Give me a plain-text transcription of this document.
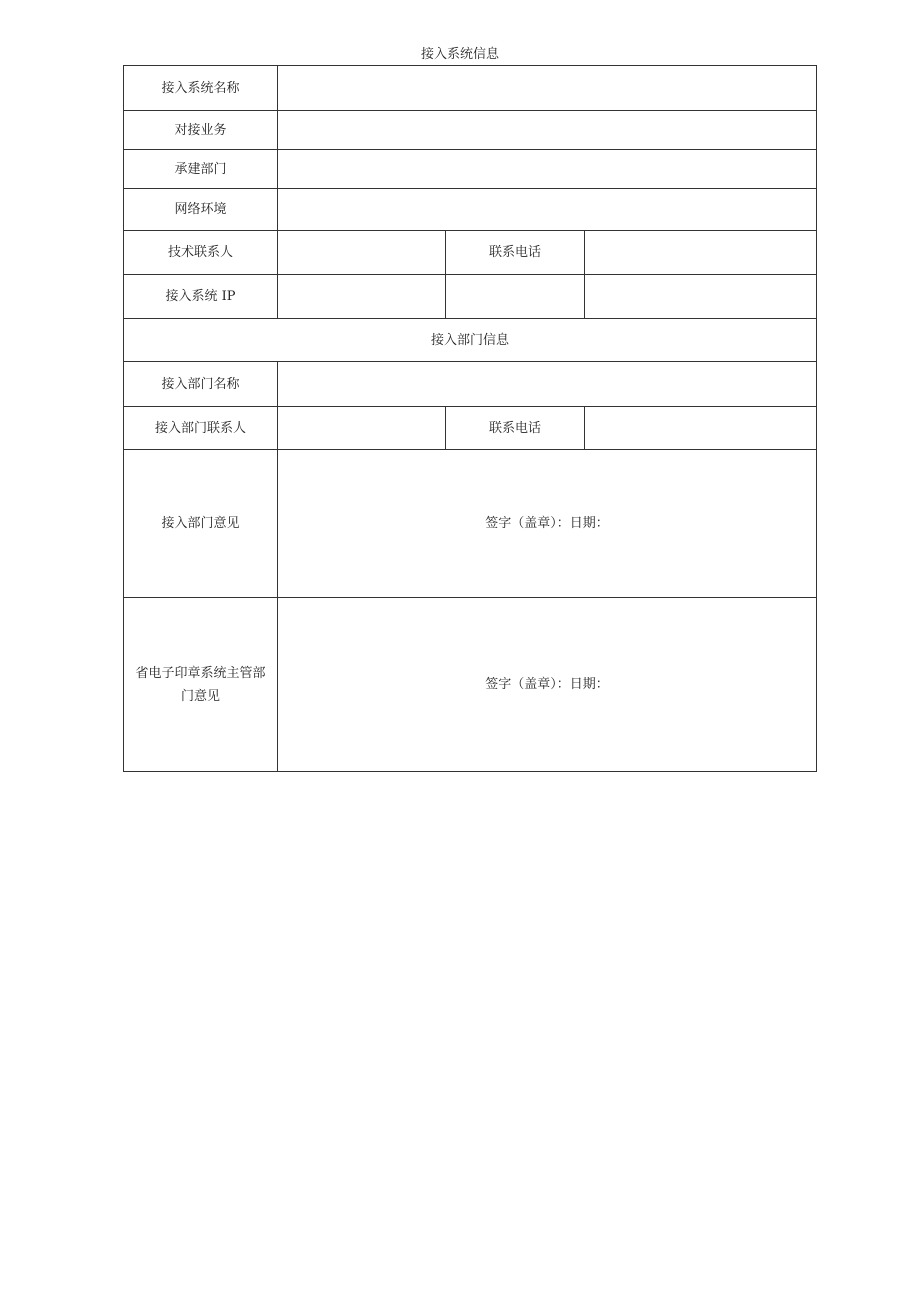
接入系统信息
接入系统名称			
对接业务			
承建部门			
网络环境			
技术联系人		联系电话	
接入系统 IP			
接入部门信息			
接入部门名称			
接入部门联系人		联系电话	
接入部门意见	签字（盖章）：日期：		
省电子印章系统主管部门意见	签字（盖章）：日期：		
